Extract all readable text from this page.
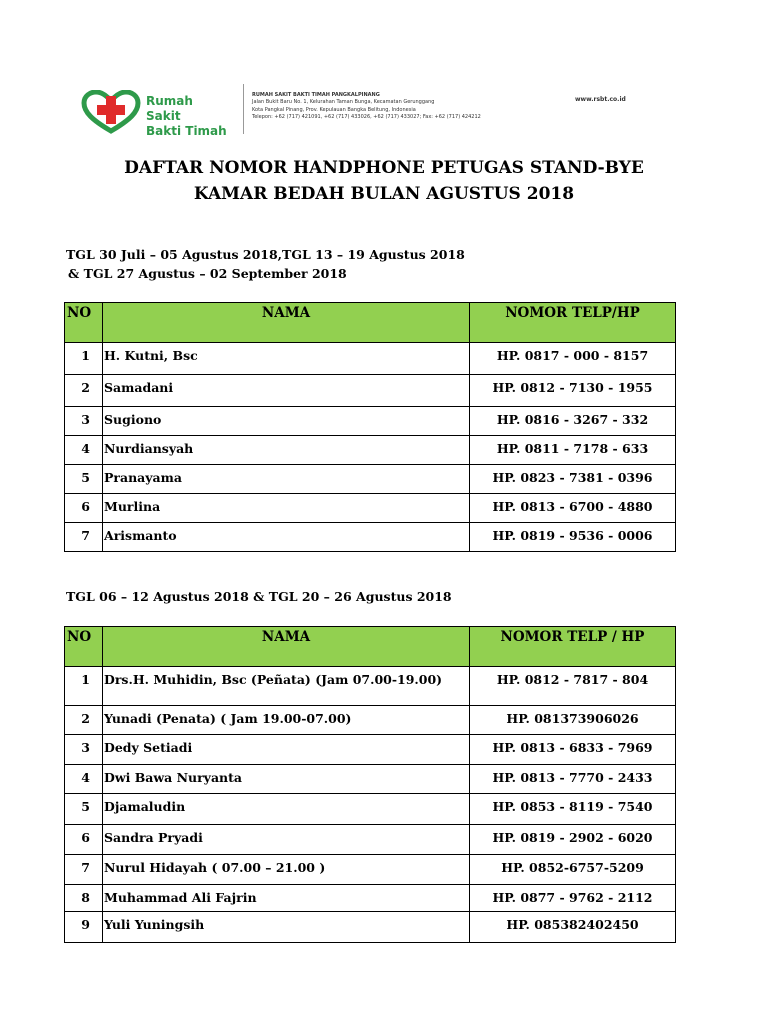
Rumah Sakit
Bakti Timah
RUMAH SAKIT BAKTI TIMAH PANGKALPINANG
Jalan Bukit Baru No. 1, Kelurahan Taman Bunga, Kecamatan Gerunggang
Kota Pangkal Pinang, Prov. Kepulauan Bangka Belitung, Indonesia
Telepon: +62 (717) 421091, +62 (717) 433026, +62 (717) 433027; Fax: +62 (717) 424212
www.rsbt.co.id
DAFTAR NOMOR HANDPHONE PETUGAS STAND-BYE
KAMAR BEDAH BULAN AGUSTUS 2018
TGL 30 Juli – 05 Agustus 2018,TGL 13 – 19 Agustus 2018
& TGL 27 Agustus – 02 September 2018
NO	NAMA	NOMOR TELP/HP
1	H. Kutni, Bsc	HP. 0817 - 000 - 8157
2	Samadani	HP. 0812 - 7130 - 1955
3	Sugiono	HP. 0816 - 3267 - 332
4	Nurdiansyah	HP. 0811 - 7178 - 633
5	Pranayama	HP. 0823 - 7381 - 0396
6	Murlina	HP. 0813 - 6700 - 4880
7	Arismanto	HP. 0819 - 9536 - 0006
TGL 06 – 12 Agustus 2018 & TGL 20 – 26 Agustus 2018
NO	NAMA	NOMOR TELP / HP
1	Drs.H. Muhidin, Bsc (Peñata) (Jam 07.00-19.00)	HP. 0812 - 7817 - 804
2	Yunadi (Penata) ( Jam 19.00-07.00)	HP. 081373906026
3	Dedy Setiadi	HP. 0813 - 6833 - 7969
4	Dwi Bawa Nuryanta	HP. 0813 - 7770 - 2433
5	Djamaludin	HP. 0853 - 8119 - 7540
6	Sandra Pryadi	HP. 0819 - 2902 - 6020
7	Nurul Hidayah ( 07.00 – 21.00 )	HP. 0852-6757-5209
8	Muhammad Ali Fajrin	HP. 0877 - 9762 - 2112
9	Yuli Yuningsih	HP. 085382402450
